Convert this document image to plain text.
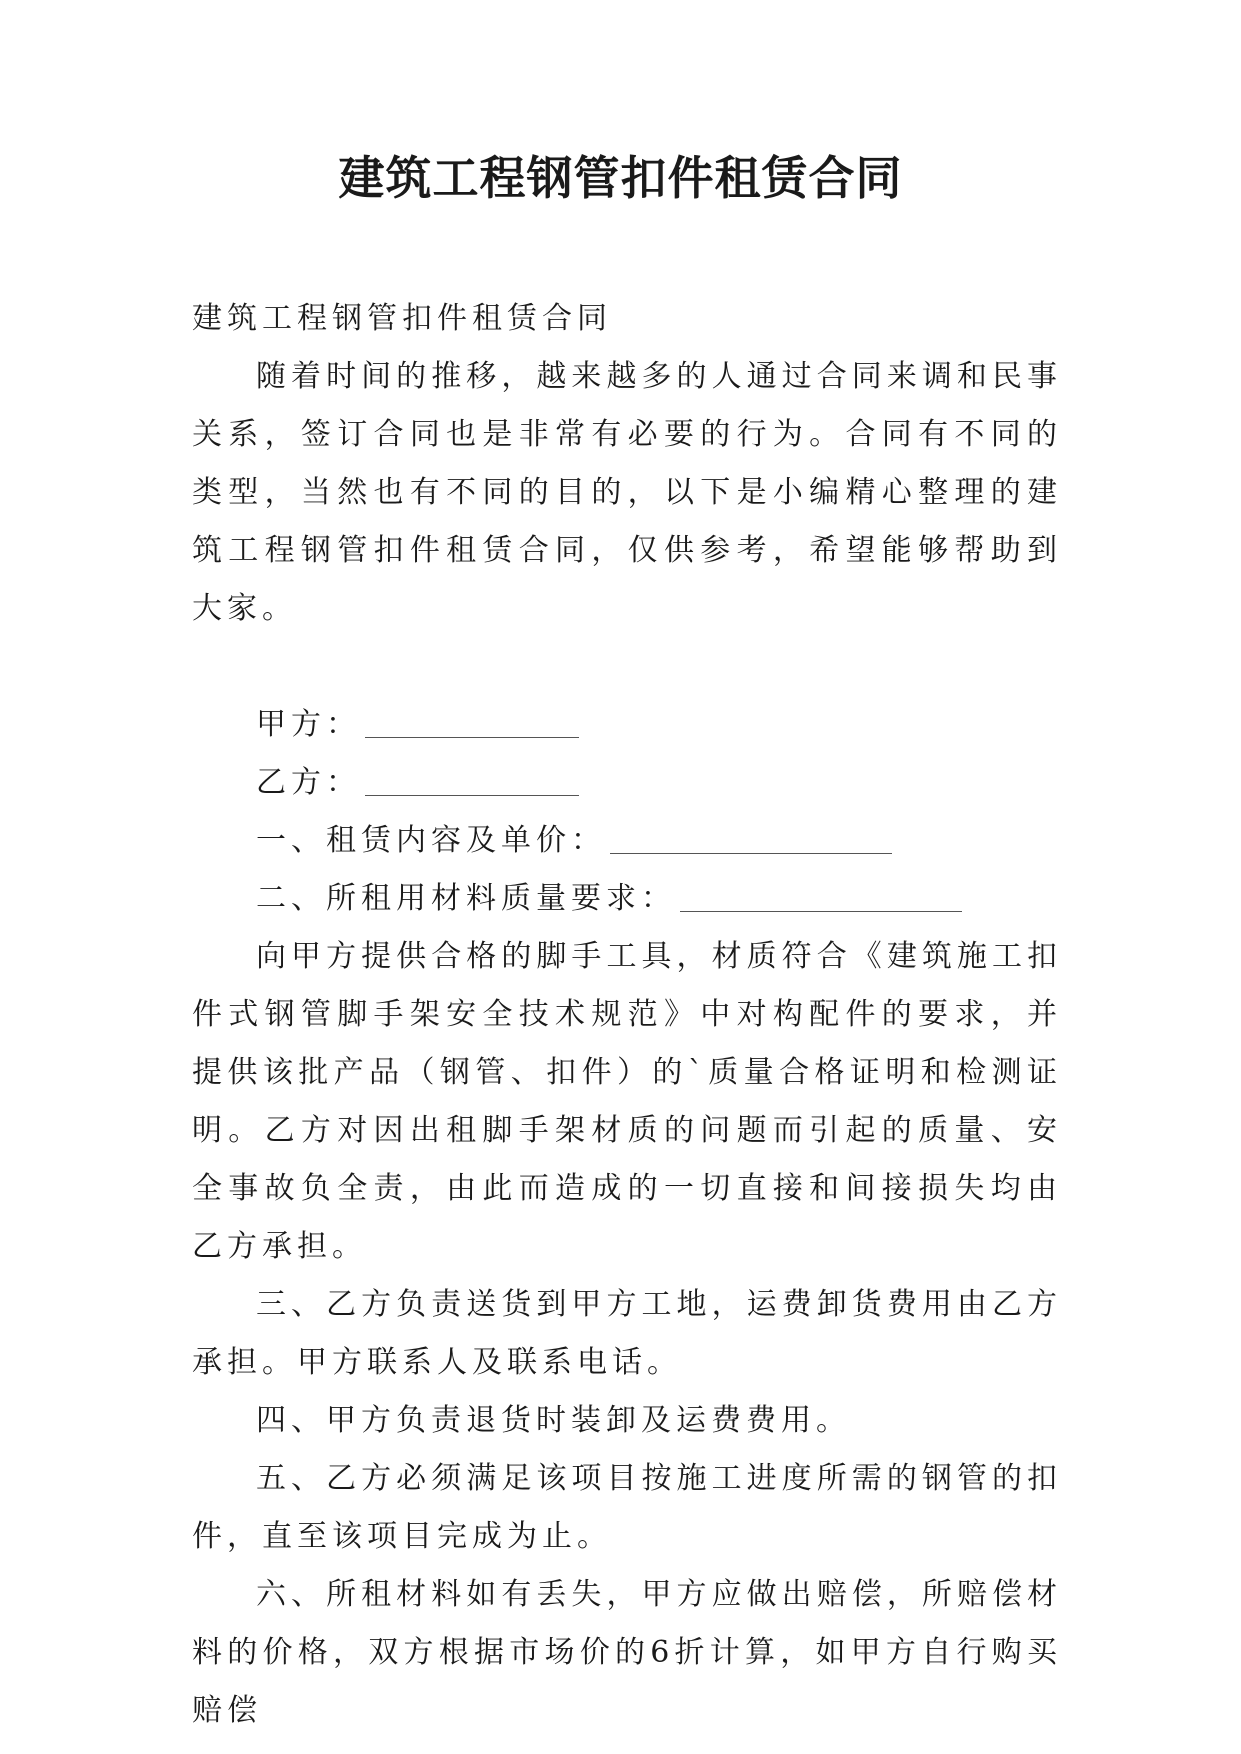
建筑工程钢管扣件租赁合同

建筑工程钢管扣件租赁合同

随着时间的推移，越来越多的人通过合同来调和民事关系，签订合同也是非常有必要的行为。合同有不同的类型，当然也有不同的目的，以下是小编精心整理的建筑工程钢管扣件租赁合同，仅供参考，希望能够帮助到大家。

甲方：

乙方：

一、租赁内容及单价：

二、所租用材料质量要求：

向甲方提供合格的脚手工具，材质符合《建筑施工扣件式钢管脚手架安全技术规范》中对构配件的要求，并提供该批产品（钢管、扣件）的`质量合格证明和检测证明。乙方对因出租脚手架材质的问题而引起的质量、安全事故负全责，由此而造成的一切直接和间接损失均由乙方承担。

三、乙方负责送货到甲方工地，运费卸货费用由乙方承担。甲方联系人及联系电话。

四、甲方负责退货时装卸及运费费用。

五、乙方必须满足该项目按施工进度所需的钢管的扣件，直至该项目完成为止。

六、所租材料如有丢失，甲方应做出赔偿，所赔偿材料的价格，双方根据市场价的6折计算，如甲方自行购买赔偿
